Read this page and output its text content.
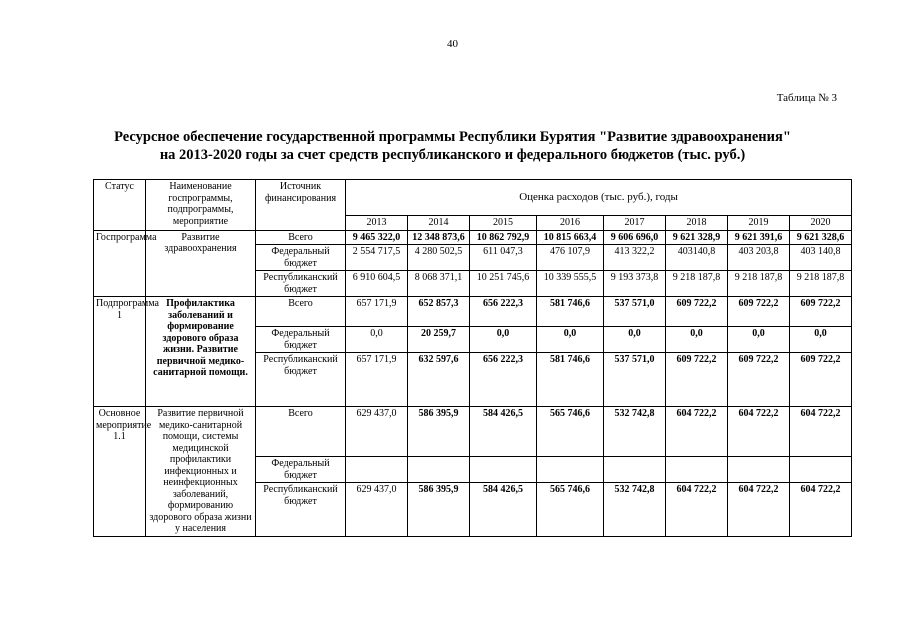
40
Таблица № 3
Ресурсное обеспечение государственной программы Республики Бурятия "Развитие здравоохранения"
на 2013-2020 годы за счет средств республиканского и федерального бюджетов (тыс. руб.)
Статус	Наименование госпрограммы, подпрограммы, мероприятие	Источник финансирования	Оценка расходов (тыс. руб.), годы							
			2013	2014	2015	2016	2017	2018	2019	2020
Госпрограмма	Развитие здравоохранения	Всего	9 465 322,0	12 348 873,6	10 862 792,9	10 815 663,4	9 606 696,0	9 621 328,9	9 621 391,6	9 621 328,6
		Федеральный бюджет	2 554 717,5	4 280 502,5	611 047,3	476 107,9	413 322,2	403140,8	403 203,8	403 140,8
		Республиканский бюджет	6 910 604,5	8 068 371,1	10 251 745,6	10 339 555,5	9 193 373,8	9 218 187,8	9 218 187,8	9 218 187,8
Подпрограмма 1	Профилактика заболеваний и формирование здорового образа жизни. Развитие первичной медико-санитарной помощи.	Всего	657 171,9	652 857,3	656 222,3	581 746,6	537 571,0	609 722,2	609 722,2	609 722,2
		Федеральный бюджет	0,0	20 259,7	0,0	0,0	0,0	0,0	0,0	0,0
		Республиканский бюджет	657 171,9	632 597,6	656 222,3	581 746,6	537 571,0	609 722,2	609 722,2	609 722,2
Основное мероприятие 1.1	Развитие первичной медико-санитарной помощи, системы медицинской профилактики инфекционных и неинфекционных заболеваний, формированию здорового образа жизни у населения	Всего	629 437,0	586 395,9	584 426,5	565 746,6	532 742,8	604 722,2	604 722,2	604 722,2
		Федеральный бюджет								
		Республиканский бюджет	629 437,0	586 395,9	584 426,5	565 746,6	532 742,8	604 722,2	604 722,2	604 722,2
